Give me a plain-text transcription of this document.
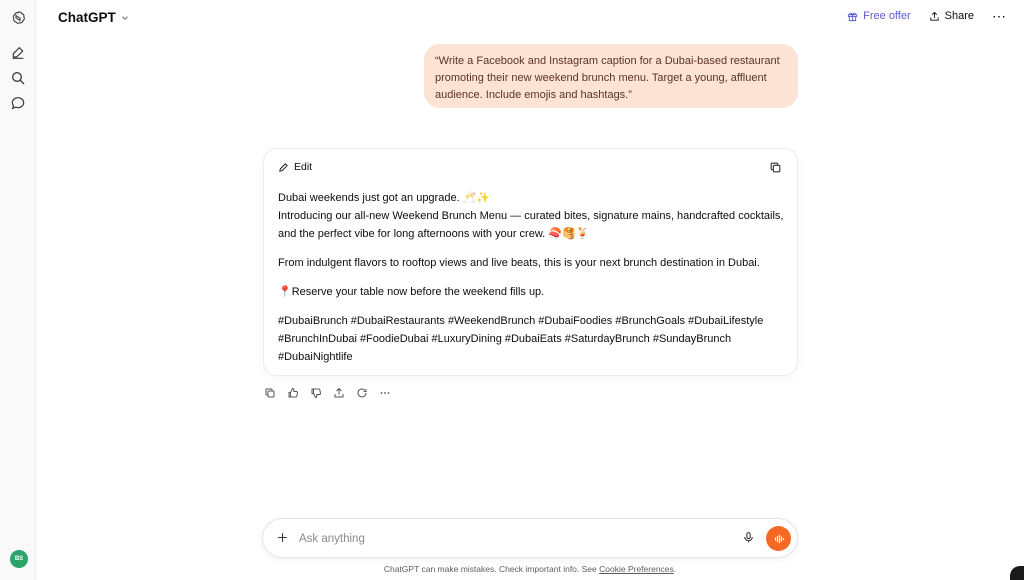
BS
ChatGPT	Free offer	Share ⋯
“Write a Facebook and Instagram caption for a Dubai-based restaurant promoting their new weekend brunch menu. Target a young, affluent audience. Include emojis and hashtags.”
Edit

Dubai weekends just got an upgrade. 🥂✨
Introducing our all-new Weekend Brunch Menu — curated bites, signature mains, handcrafted cocktails, and the perfect vibe for long afternoons with your crew. 🍣🥞🍹

From indulgent flavors to rooftop views and live beats, this is your next brunch destination in Dubai.

📍Reserve your table now before the weekend fills up.

#DubaiBrunch #DubaiRestaurants #WeekendBrunch #DubaiFoodies #BrunchGoals #DubaiLifestyle #BrunchInDubai #FoodieDubai #LuxuryDining #DubaiEats #SaturdayBrunch #SundayBrunch #DubaiNightlife

Ask anything
ChatGPT can make mistakes. Check important info. See Cookie Preferences.
